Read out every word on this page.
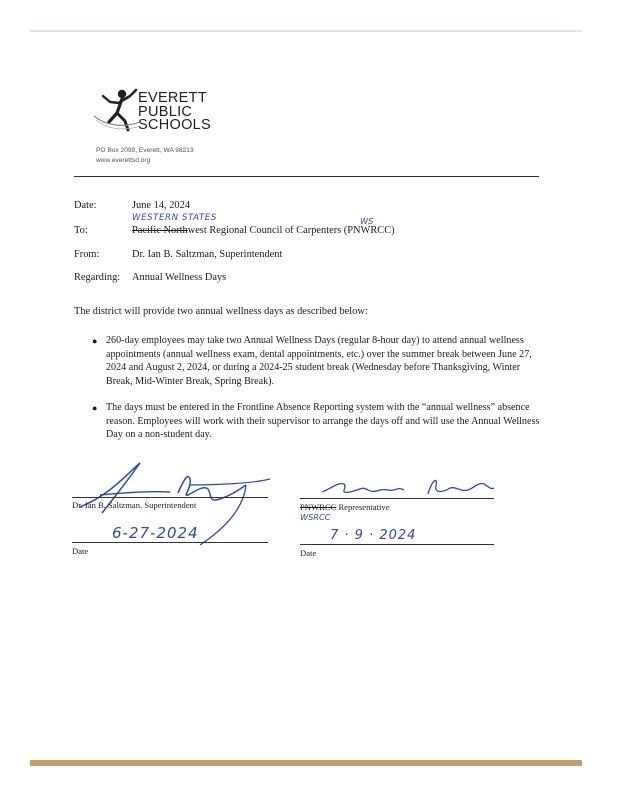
EVERETT
PUBLIC
SCHOOLS
PO Box 2098, Everett, WA 98213
www.everettsd.org
Date:	June 14, 2024
WESTERN STATES	WS
To:	Pacific Northwest Regional Council of Carpenters (PNWRCC)
From:	Dr. Ian B. Saltzman, Superintendent
Regarding: Annual Wellness Days
The district will provide two annual wellness days as described below:
● 260-day employees may take two Annual Wellness Days (regular 8-hour day) to attend annual wellness appointments (annual wellness exam, dental appointments, etc.) over the summer break between June 27, 2024 and August 2, 2024, or during a 2024-25 student break (Wednesday before Thanksgiving, Winter Break, Mid-Winter Break, Spring Break).
● The days must be entered in the Frontline Absence Reporting system with the “annual wellness” absence reason. Employees will work with their supervisor to arrange the days off and will use the Annual Wellness Day on a non-student day.
Dr. Ian B. Saltzman, Superintendent
6-27-2024
Date
PNWRCC Representative
WSRCC
7 · 9 · 2024
Date
